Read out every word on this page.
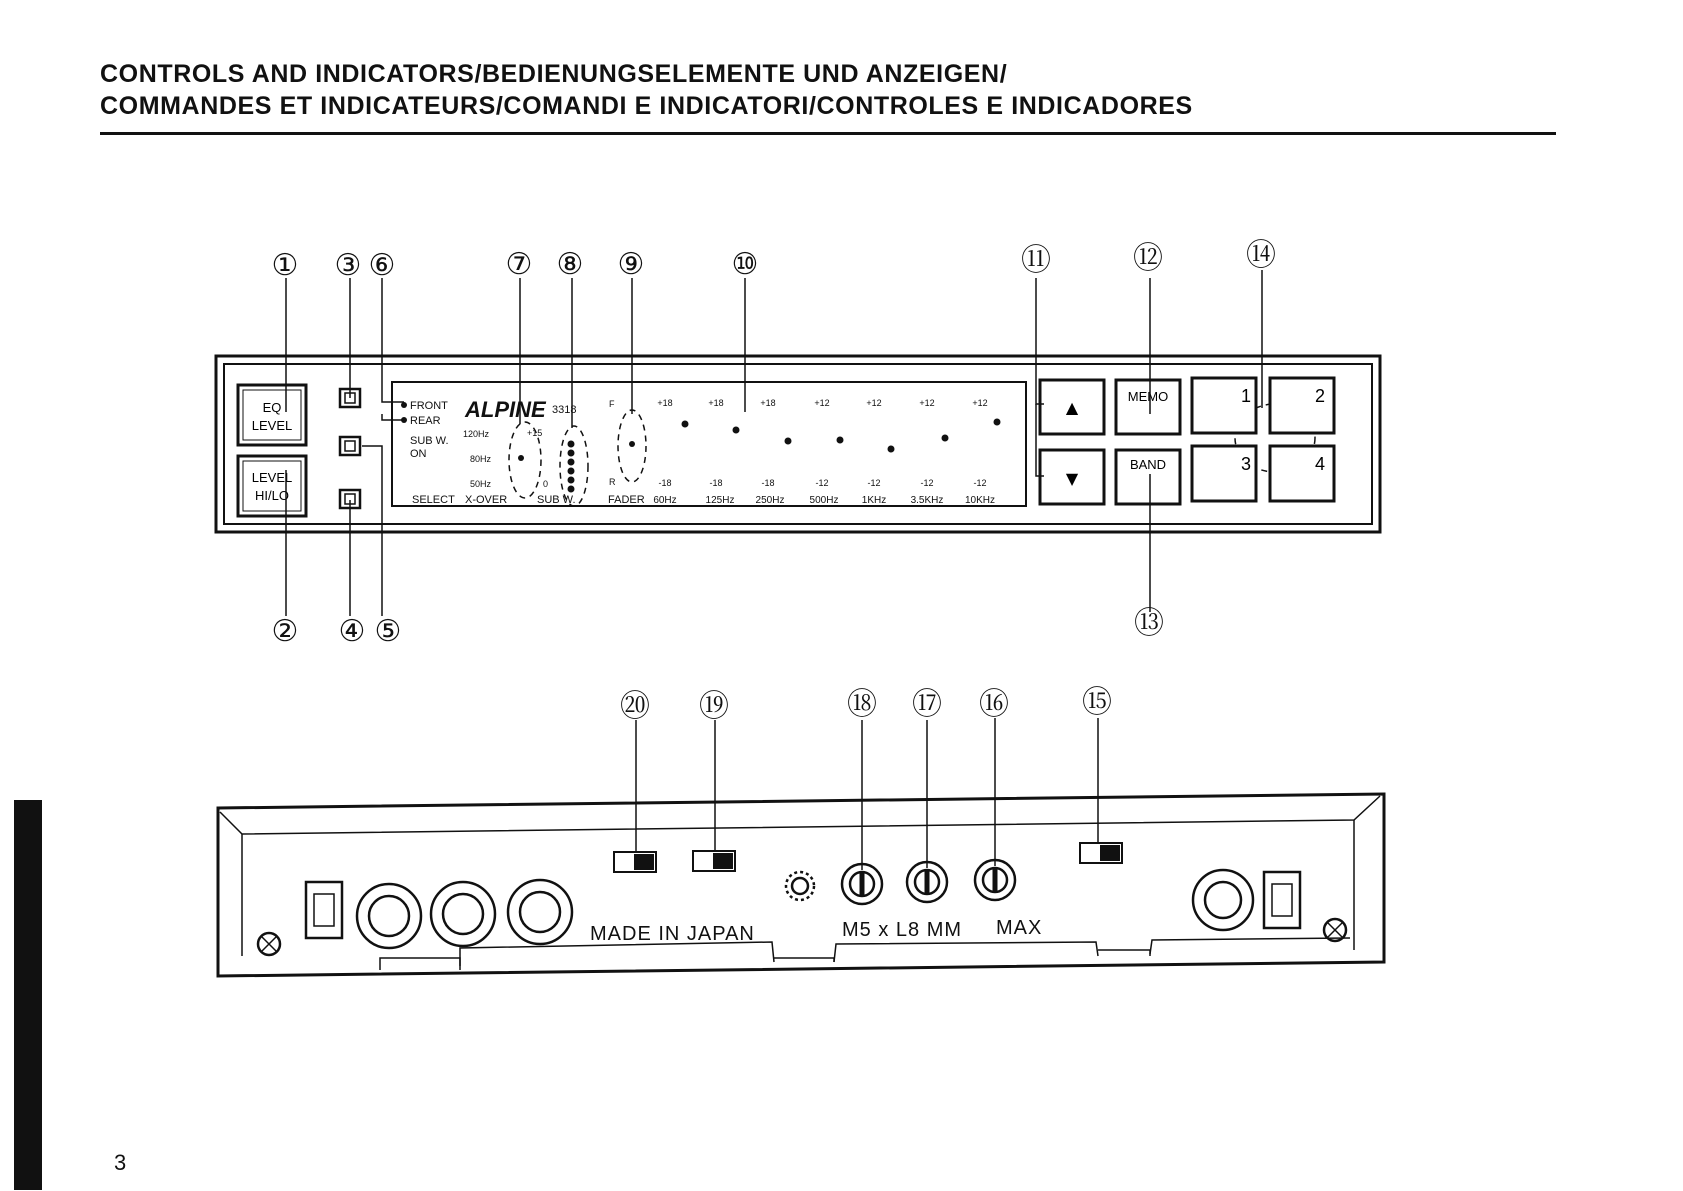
CONTROLS AND INDICATORS/BEDIENUNGSELEMENTE UND ANZEIGEN/
COMMANDES ET INDICATEURS/COMANDI E INDICATORI/CONTROLES E INDICADORES
3
EQ
LEVEL
LEVEL
HI/LO
FRONT
REAR
SUB W.
ON
SELECT
ALPINE 3318
120Hz
80Hz
50Hz
X-OVER
+15
0
SUB W.
F
R
FADER
+18	+18	+18	+12	+12	+12	+12
-18	-18	-18	-12	-12	-12	-12
60Hz	125Hz 250Hz	500Hz 1KHz 3.5KHz 10KHz
▲
▼
MEMO
BAND
1	2
3	4
①
②
③
④ ⑤
⑥	⑦ ⑧ ⑨	⑩	⑪	⑫
⑬
⑭
MADE IN JAPAN	M5 x L8 MM MAX
⑮
⑯
⑰
⑱
⑲
⑳
